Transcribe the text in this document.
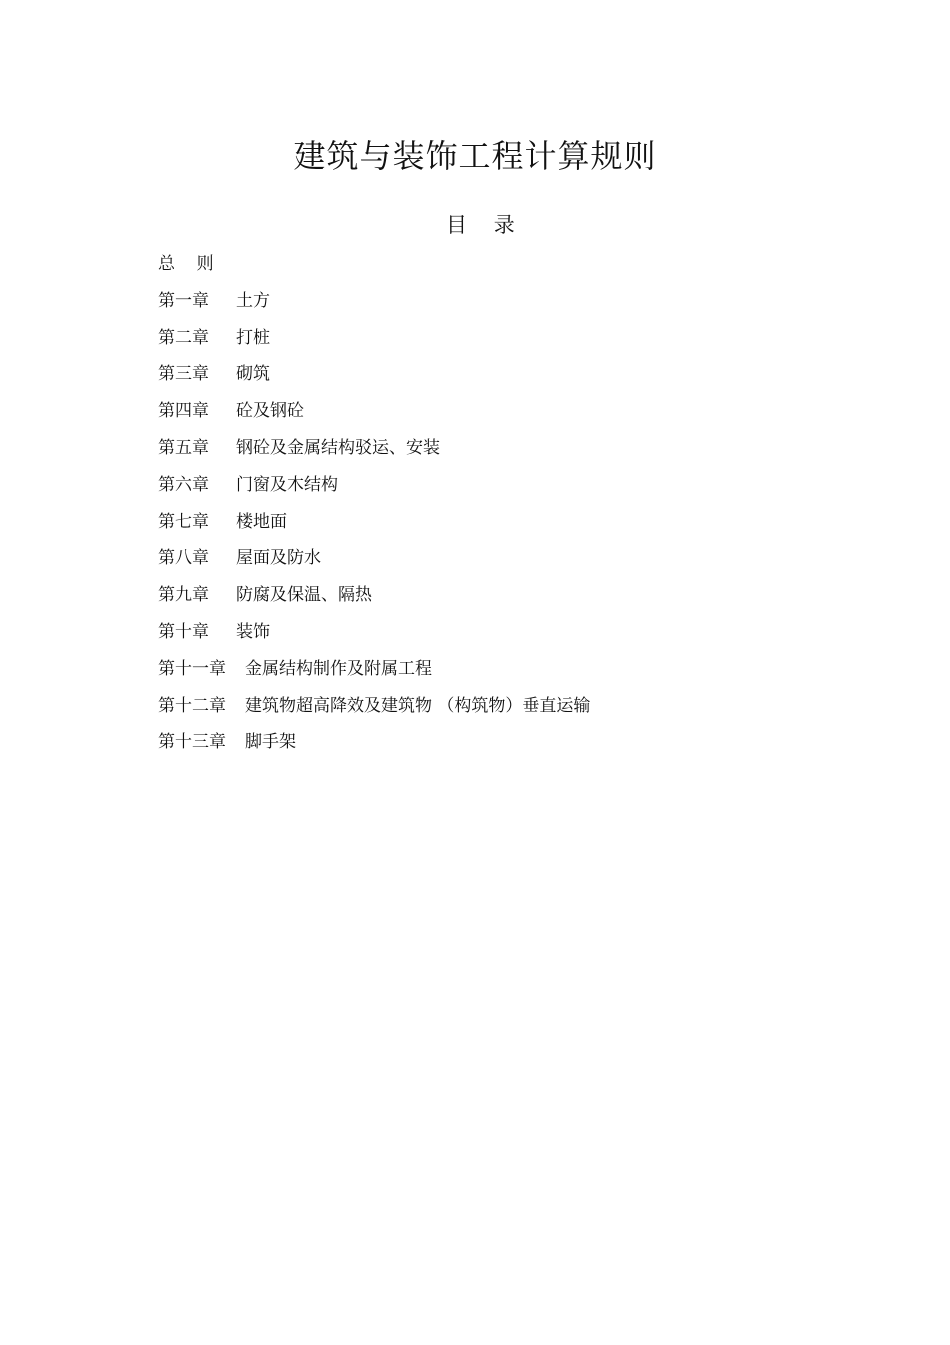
建筑与装饰工程计算规则
目    录
总    则
第一章	土方
第二章	打桩
第三章	砌筑
第四章	砼及钢砼
第五章	钢砼及金属结构驳运、安装
第六章	门窗及木结构
第七章	楼地面
第八章	屋面及防水
第九章	防腐及保温、隔热
第十章	装饰
第十一章	金属结构制作及附属工程
第十二章	建筑物超高降效及建筑物 （构筑物）垂直运输
第十三章	脚手架
